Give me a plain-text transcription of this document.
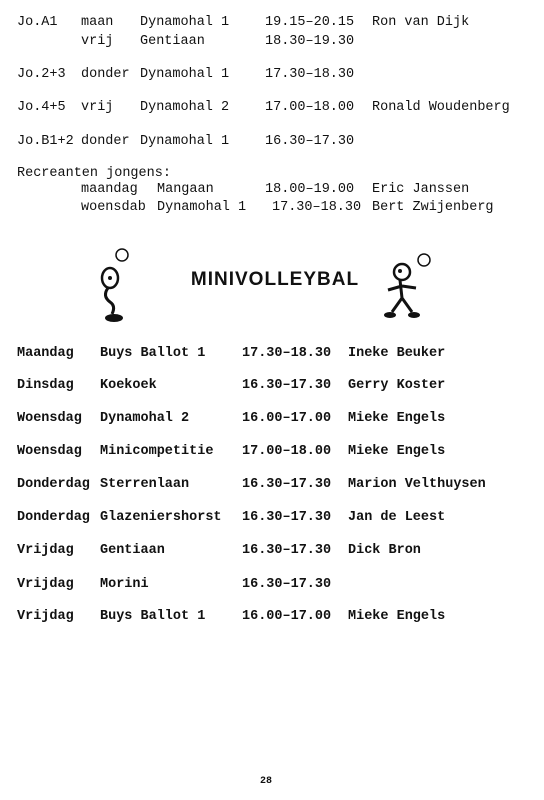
Jo.A1 maan Dynamohal 1	19.15–20.15 Ron van Dijk
vrij Gentiaan	18.30–19.30
Jo.2+3 donder Dynamohal 1	17.30–18.30
Jo.4+5 vrij Dynamohal 2	17.00–18.00 Ronald Woudenberg
Jo.B1+2 donder Dynamohal 1	16.30–17.30
Recreanten jongens:
maandag Mangaan	18.00–19.00 Eric Janssen
woensdab Dynamohal 1 17.30–18.30 Bert Zwijenberg
MINIVOLLEYBAL
Maandag Buys Ballot 1	17.30–18.30 Ineke Beuker
Dinsdag Koekoek	16.30–17.30 Gerry Koster
Woensdag Dynamohal 2	16.00–17.00 Mieke Engels
Woensdag Minicompetitie 17.00–18.00 Mieke Engels
Donderdag Sterrenlaan	16.30–17.30 Marion Velthuysen
Donderdag Glazeniershorst 16.30–17.30 Jan de Leest
Vrijdag Gentiaan	16.30–17.30 Dick Bron
Vrijdag Morini	16.30–17.30
Vrijdag Buys Ballot 1	16.00–17.00 Mieke Engels
28
